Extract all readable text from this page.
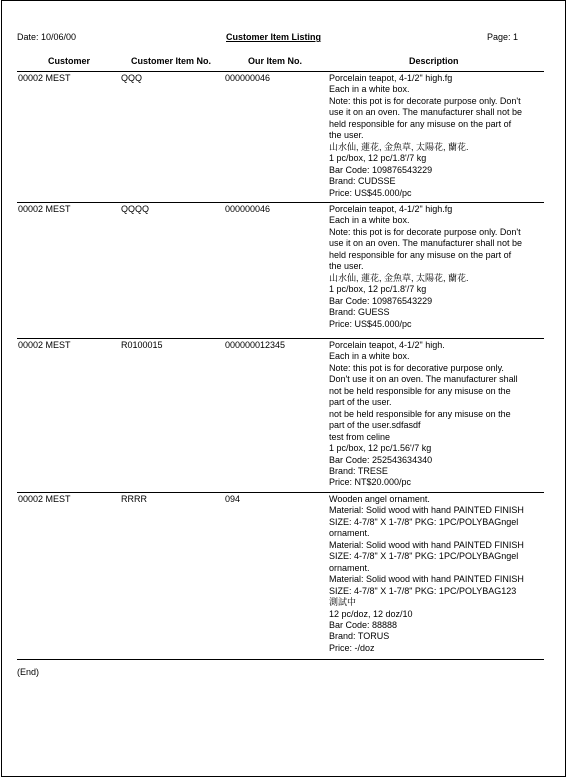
Date: 10/06/00	Customer Item Listing	Page: 1
Customer	Customer Item No.	Our Item No.	Description
00002 MEST	QQQ	000000046	Porcelain teapot, 4-1/2" high.fg
Each in a white box.
Note: this pot is for decorate purpose only. Don't
use it on an oven. The manufacturer shall not be
held responsible for any misuse on the part of
the user.
山水仙, 蓮花, 金魚草, 太陽花, 蘭花.
1 pc/box, 12 pc/1.8'/7 kg
Bar Code: 109876543229
Brand: CUDSSE
Price: US$45.000/pc
00002 MEST	QQQQ	000000046	Porcelain teapot, 4-1/2" high.fg
Each in a white box.
Note: this pot is for decorate purpose only. Don't
use it on an oven. The manufacturer shall not be
held responsible for any misuse on the part of
the user.
山水仙, 蓮花, 金魚草, 太陽花, 蘭花.
1 pc/box, 12 pc/1.8'/7 kg
Bar Code: 109876543229
Brand: GUESS
Price: US$45.000/pc
00002 MEST	R0100015	000000012345	Porcelain teapot, 4-1/2" high.
Each in a white box.
Note: this pot is for decorative purpose only.
Don't use it on an oven. The manufacturer shall
not be held responsible for any misuse on the
part of the user.
not be held responsible for any misuse on the
part of the user.sdfasdf
test from celine
1 pc/box, 12 pc/1.56'/7 kg
Bar Code: 252543634340
Brand: TRESE
Price: NT$20.000/pc
00002 MEST	RRRR	094	Wooden angel ornament.
Material: Solid wood with hand PAINTED FINISH
SIZE: 4-7/8" X 1-7/8" PKG: 1PC/POLYBAGngel
ornament.
Material: Solid wood with hand PAINTED FINISH
SIZE: 4-7/8" X 1-7/8" PKG: 1PC/POLYBAGngel
ornament.
Material: Solid wood with hand PAINTED FINISH
SIZE: 4-7/8" X 1-7/8" PKG: 1PC/POLYBAG123
測試中
12 pc/doz, 12 doz/10
Bar Code: 88888
Brand: TORUS
Price: -/doz
(End)
